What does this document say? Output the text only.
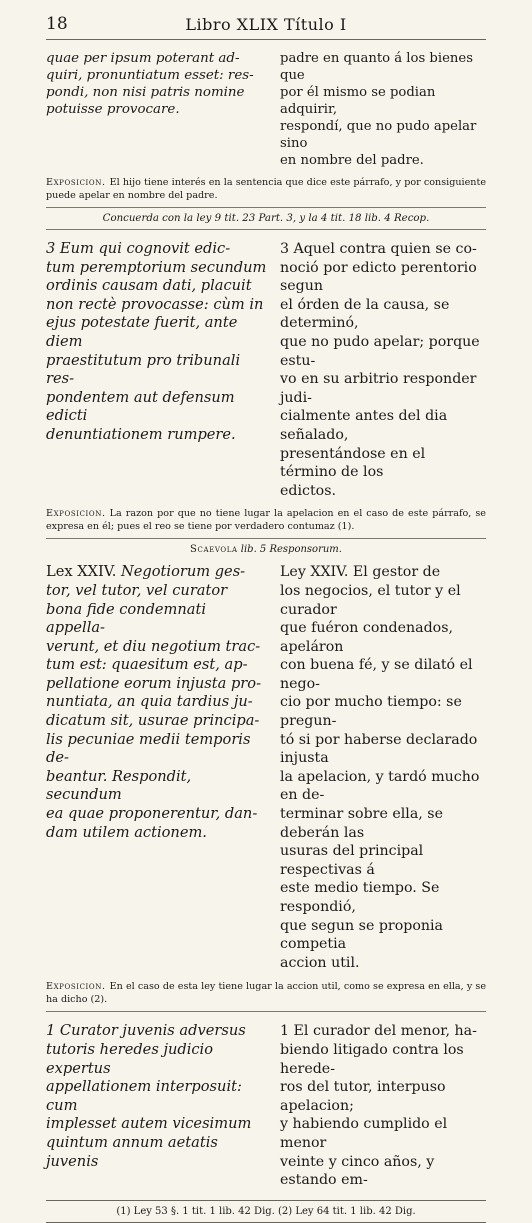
18	Libro XLIX Título I

quae per ipsum poterant ad-

quiri, pronuntiatum esset: res-

pondi, non nisi patris nomine

potuisse provocare.

padre en quanto á los bienes que

por él mismo se podian adquirir,

respondí, que no pudo apelar sino

en nombre del padre.

Exposicion. El hijo tiene interés en la sentencia que dice este párrafo, y por consiguiente puede apelar en nombre del padre.
Concuerda con la ley 9 tit. 23 Part. 3, y la 4 tit. 18 lib. 4 Recop.

3 Eum qui cognovit edic-

tum peremptorium secundum

ordinis causam dati, placuit

non rectè provocasse: cùm in

ejus potestate fuerit, ante diem

praestitutum pro tribunali res-

pondentem aut defensum edicti

denuntiationem rumpere.

3 Aquel contra quien se co-

noció por edicto perentorio segun

el órden de la causa, se determinó,

que no pudo apelar; porque estu-

vo en su arbitrio responder judi-

cialmente antes del dia señalado,

presentándose en el término de los

edictos.

Exposicion. La razon por que no tiene lugar la apelacion en el caso de este párrafo, se expresa en él; pues el reo se tiene por verdadero contumaz (1).
Scaevola lib. 5 Responsorum.

Lex XXIV. Negotiorum ges-

tor, vel tutor, vel curator

bona fide condemnati appella-

verunt, et diu negotium trac-

tum est: quaesitum est, ap-

pellatione eorum injusta pro-

nuntiata, an quia tardius ju-

dicatum sit, usurae principa-

lis pecuniae medii temporis de-

beantur. Respondit, secundum

ea quae proponerentur, dan-

dam utilem actionem.

Ley XXIV. El gestor de

los negocios, el tutor y el curador

que fuéron condenados, apeláron

con buena fé, y se dilató el nego-

cio por mucho tiempo: se pregun-

tó si por haberse declarado injusta

la apelacion, y tardó mucho en de-

terminar sobre ella, se deberán las

usuras del principal respectivas á

este medio tiempo. Se respondió,

que segun se proponia competia

accion util.

Exposicion. En el caso de esta ley tiene lugar la accion util, como se expresa en ella, y se ha dicho (2).

1 Curator juvenis adversus

tutoris heredes judicio expertus

appellationem interposuit: cum

implesset autem vicesimum

quintum annum aetatis juvenis

1 El curador del menor, ha-

biendo litigado contra los herede-

ros del tutor, interpuso apelacion;

y habiendo cumplido el menor

veinte y cinco años, y estando em-

(1) Ley 53 §. 1 tit. 1 lib. 42 Dig. (2) Ley 64 tit. 1 lib. 42 Dig.
